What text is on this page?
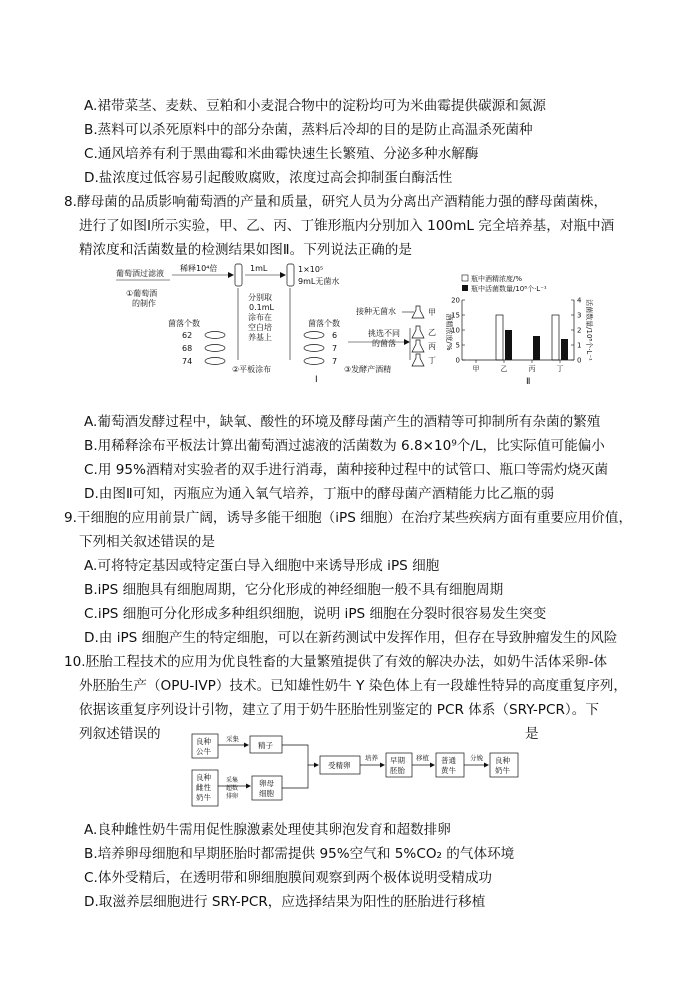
A.裙带菜茎、麦麸、豆粕和小麦混合物中的淀粉均可为米曲霉提供碳源和氮源
B.蒸料可以杀死原料中的部分杂菌，蒸料后冷却的目的是防止高温杀死菌种
C.通风培养有利于黑曲霉和米曲霉快速生长繁殖、分泌多种水解酶
D.盐浓度过低容易引起酸败腐败，浓度过高会抑制蛋白酶活性
8.酵母菌的品质影响葡萄酒的产量和质量，研究人员为分离出产酒精能力强的酵母菌菌株，
进行了如图Ⅰ所示实验，甲、乙、丙、丁锥形瓶内分别加入 100mL 完全培养基，对瓶中酒
精浓度和活菌数量的检测结果如图Ⅱ。下列说法正确的是
葡萄酒过滤液
①葡萄酒
的制作
稀释10⁴倍	1mL	1×10⁵
9mL无菌水
分别取
0.1mL
涂布在
空白培
养基上
菌落个数
62
68
74
菌落个数
6
7
7
接种无菌水
挑选不同
的菌落
甲
乙
丙
丁
②平板涂布	③发酵产酒精
Ⅰ
瓶中酒精浓度/%
瓶中活菌数量/10⁸个·L⁻¹
酒精浓度/%	活菌数量/10⁸个·L⁻¹
0
5
10
15
20
0
1
2
3
4
甲	乙	丙	丁
Ⅱ
A.葡萄酒发酵过程中，缺氧、酸性的环境及酵母菌产生的酒精等可抑制所有杂菌的繁殖
B.用稀释涂布平板法计算出葡萄酒过滤液的活菌数为 6.8×10⁹个/L，比实际值可能偏小
C.用 95%酒精对实验者的双手进行消毒，菌种接种过程中的试管口、瓶口等需灼烧灭菌
D.由图Ⅱ可知，丙瓶应为通入氧气培养，丁瓶中的酵母菌产酒精能力比乙瓶的弱
9.干细胞的应用前景广阔，诱导多能干细胞（iPS 细胞）在治疗某些疾病方面有重要应用价值，
下列相关叙述错误的是
A.可将特定基因或特定蛋白导入细胞中来诱导形成 iPS 细胞
B.iPS 细胞具有细胞周期，它分化形成的神经细胞一般不具有细胞周期
C.iPS 细胞可分化形成多种组织细胞，说明 iPS 细胞在分裂时很容易发生突变
D.由 iPS 细胞产生的特定细胞，可以在新药测试中发挥作用，但存在导致肿瘤发生的风险
10.胚胎工程技术的应用为优良牲畜的大量繁殖提供了有效的解决办法，如奶牛活体采卵-体
外胚胎生产（OPU-IVP）技术。已知雄性奶牛 Y 染色体上有一段雄性特异的高度重复序列，
依据该重复序列设计引物，建立了用于奶牛胚胎性别鉴定的 PCR 体系（SRY-PCR）。下
列叙述错误的	是
良种
公牛
采集
精子
良种
雌性
奶牛
采集
超数
排卵
卵母
细胞
受精卵
培养 早期
胚胎
移植 普通
黄牛
分娩 良种
奶牛
A.良种雌性奶牛需用促性腺激素处理使其卵泡发育和超数排卵
B.培养卵母细胞和早期胚胎时都需提供 95%空气和 5%CO₂ 的气体环境
C.体外受精后，在透明带和卵细胞膜间观察到两个极体说明受精成功
D.取滋养层细胞进行 SRY-PCR，应选择结果为阳性的胚胎进行移植
